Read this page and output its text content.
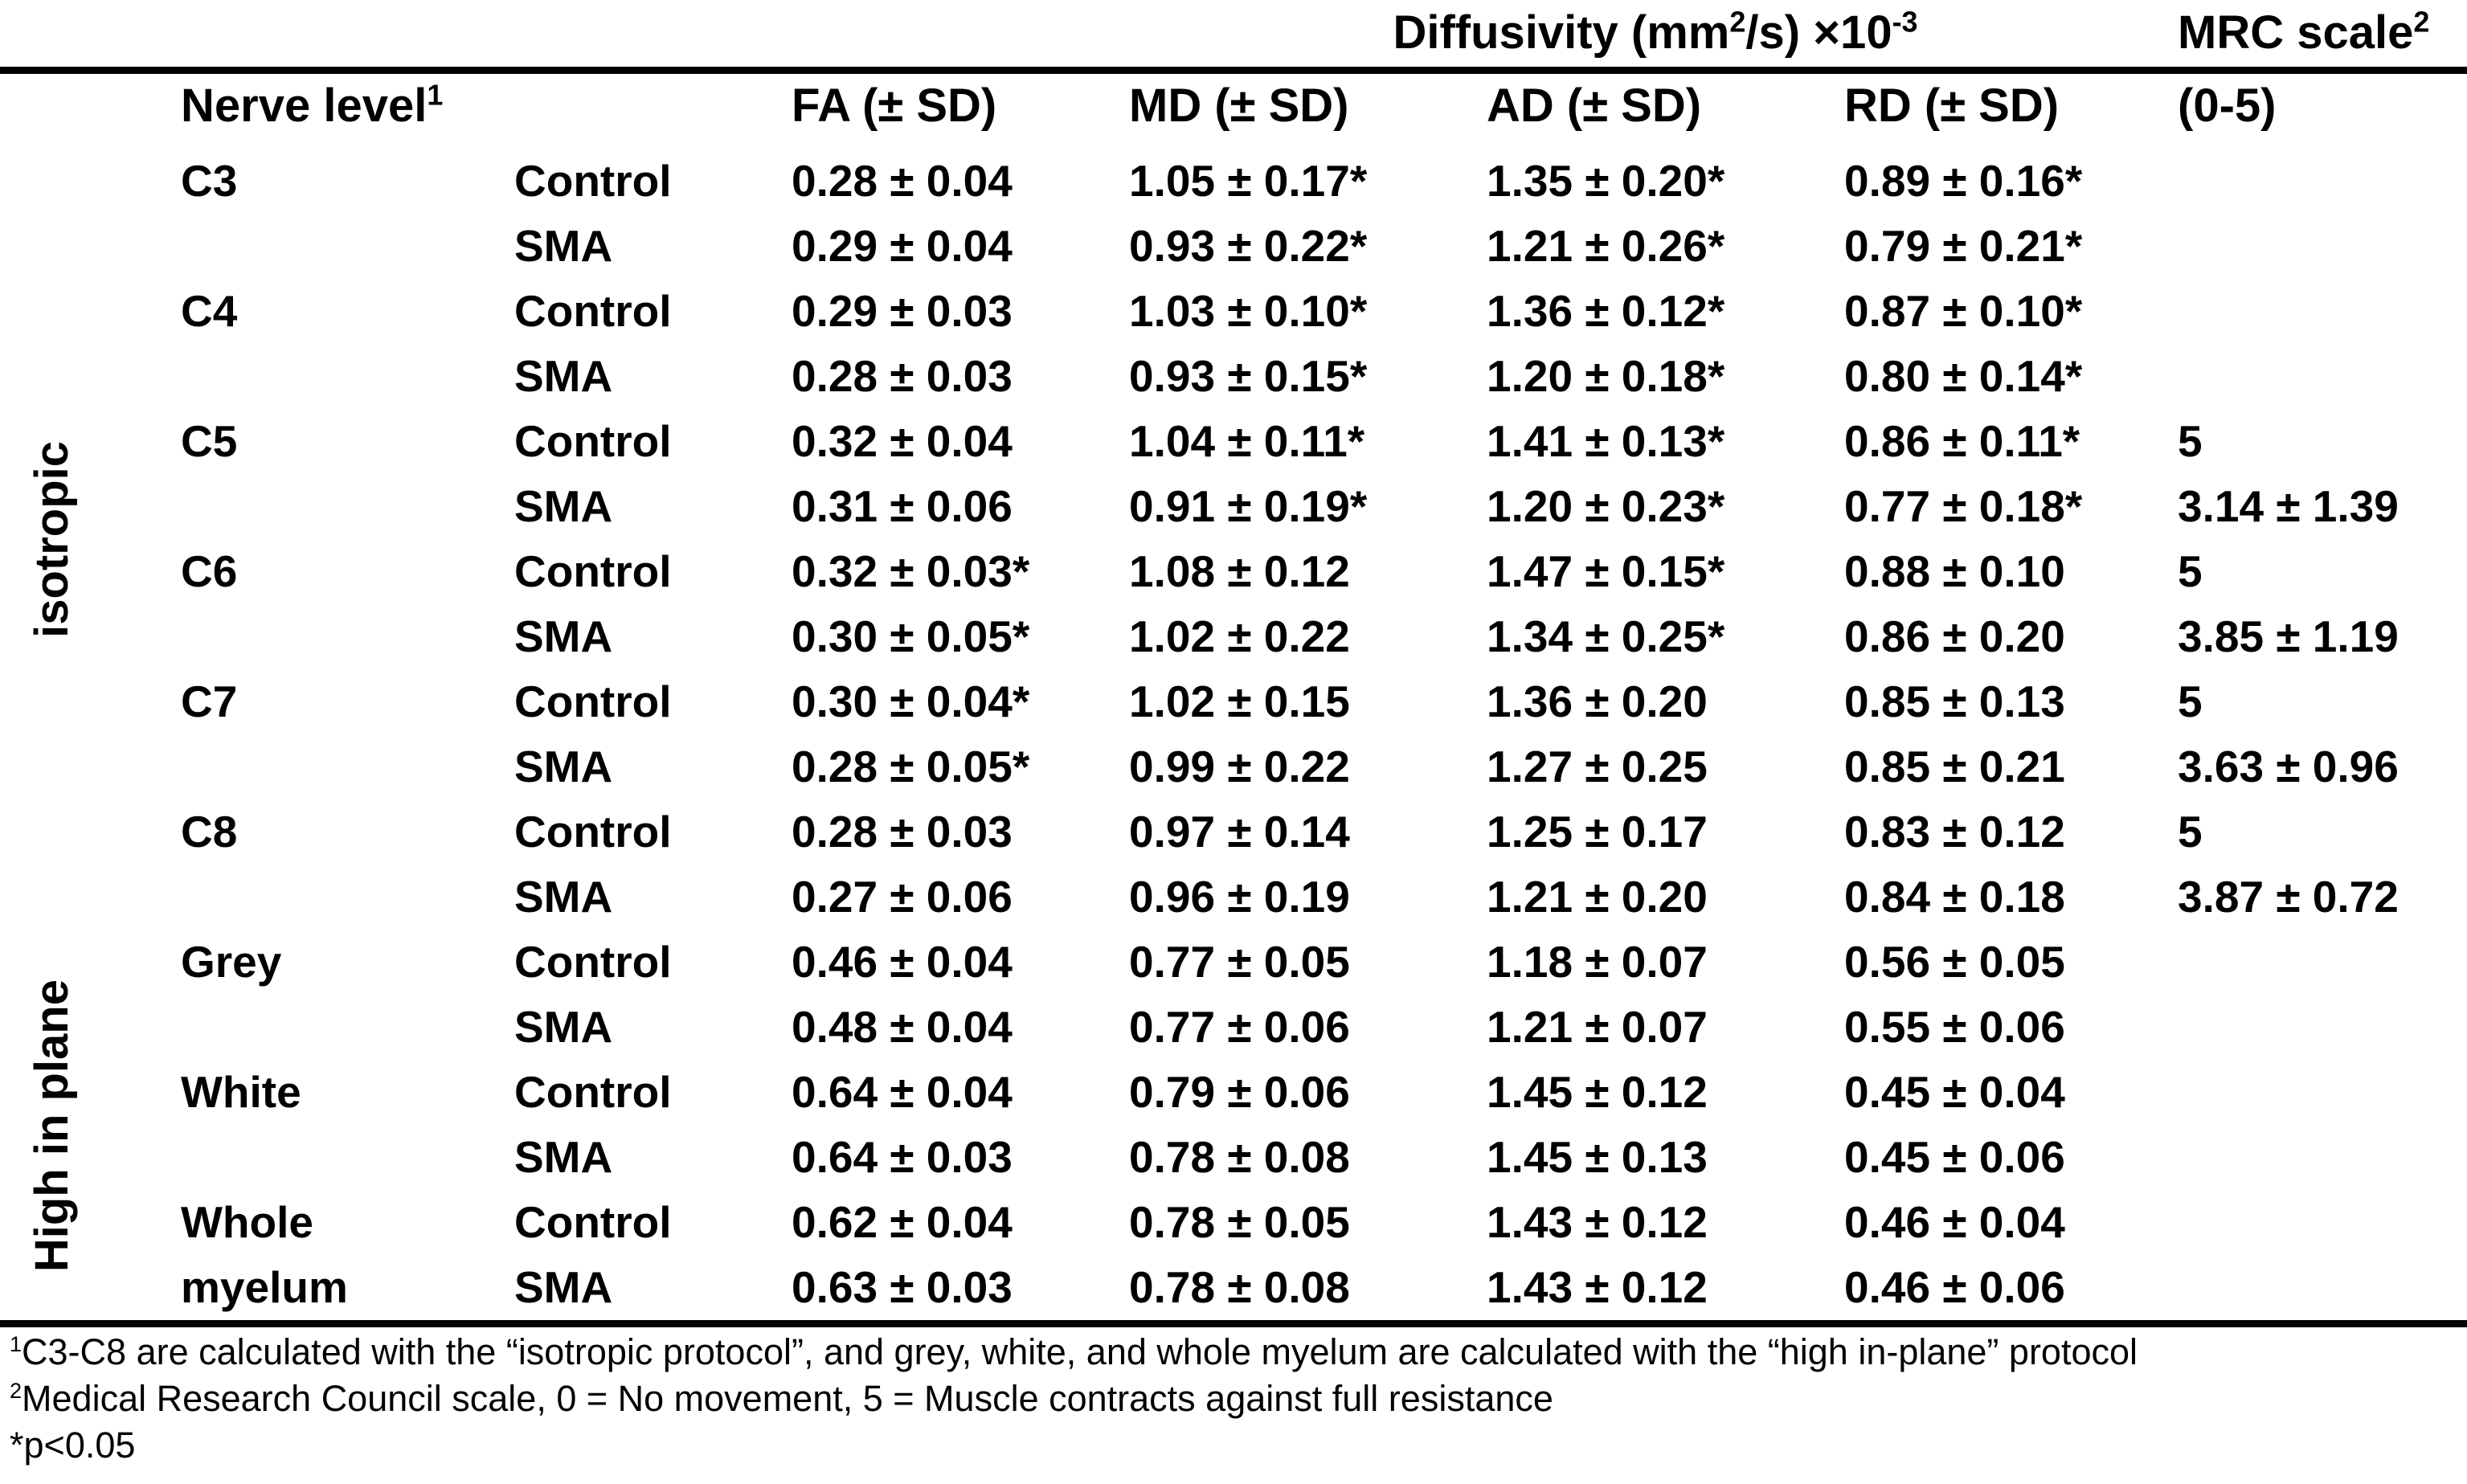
Diffusivity $(mm^2/s) \times 10^{-3}$	MRC scale$^2$
Nerve level$^1$	FA (± SD)	MD (± SD)	AD (± SD)	RD (± SD)	(0-5)
isotropic
High in plane
C3	Control	0.28 ± 0.04	1.05 ± 0.17*	1.35 ± 0.20*	0.89 ± 0.16*
SMA	0.29 ± 0.04	0.93 ± 0.22*	1.21 ± 0.26*	0.79 ± 0.21*
C4	Control	0.29 ± 0.03	1.03 ± 0.10*	1.36 ± 0.12*	0.87 ± 0.10*
SMA	0.28 ± 0.03	0.93 ± 0.15*	1.20 ± 0.18*	0.80 ± 0.14*
C5	Control	0.32 ± 0.04	1.04 ± 0.11*	1.41 ± 0.13*	0.86 ± 0.11*	5
SMA	0.31 ± 0.06	0.91 ± 0.19*	1.20 ± 0.23*	0.77 ± 0.18*	3.14 ± 1.39
C6	Control	0.32 ± 0.03*	1.08 ± 0.12	1.47 ± 0.15*	0.88 ± 0.10	5
SMA	0.30 ± 0.05*	1.02 ± 0.22	1.34 ± 0.25*	0.86 ± 0.20	3.85 ± 1.19
C7	Control	0.30 ± 0.04*	1.02 ± 0.15	1.36 ± 0.20	0.85 ± 0.13	5
SMA	0.28 ± 0.05*	0.99 ± 0.22	1.27 ± 0.25	0.85 ± 0.21	3.63 ± 0.96
C8	Control	0.28 ± 0.03	0.97 ± 0.14	1.25 ± 0.17	0.83 ± 0.12	5
SMA	0.27 ± 0.06	0.96 ± 0.19	1.21 ± 0.20	0.84 ± 0.18	3.87 ± 0.72
Grey	Control	0.46 ± 0.04	0.77 ± 0.05	1.18 ± 0.07	0.56 ± 0.05
SMA	0.48 ± 0.04	0.77 ± 0.06	1.21 ± 0.07	0.55 ± 0.06
White	Control	0.64 ± 0.04	0.79 ± 0.06	1.45 ± 0.12	0.45 ± 0.04
SMA	0.64 ± 0.03	0.78 ± 0.08	1.45 ± 0.13	0.45 ± 0.06
Whole	Control	0.62 ± 0.04	0.78 ± 0.05	1.43 ± 0.12	0.46 ± 0.04
myelum	SMA	0.63 ± 0.03	0.78 ± 0.08	1.43 ± 0.12	0.46 ± 0.06
$^1$C3-C8 are calculated with the “isotropic protocol”, and grey, white, and whole myelum are calculated with the “high in-plane” protocol
$^2$Medical Research Council scale, 0 = No movement, 5 = Muscle contracts against full resistance
*p<0.05
